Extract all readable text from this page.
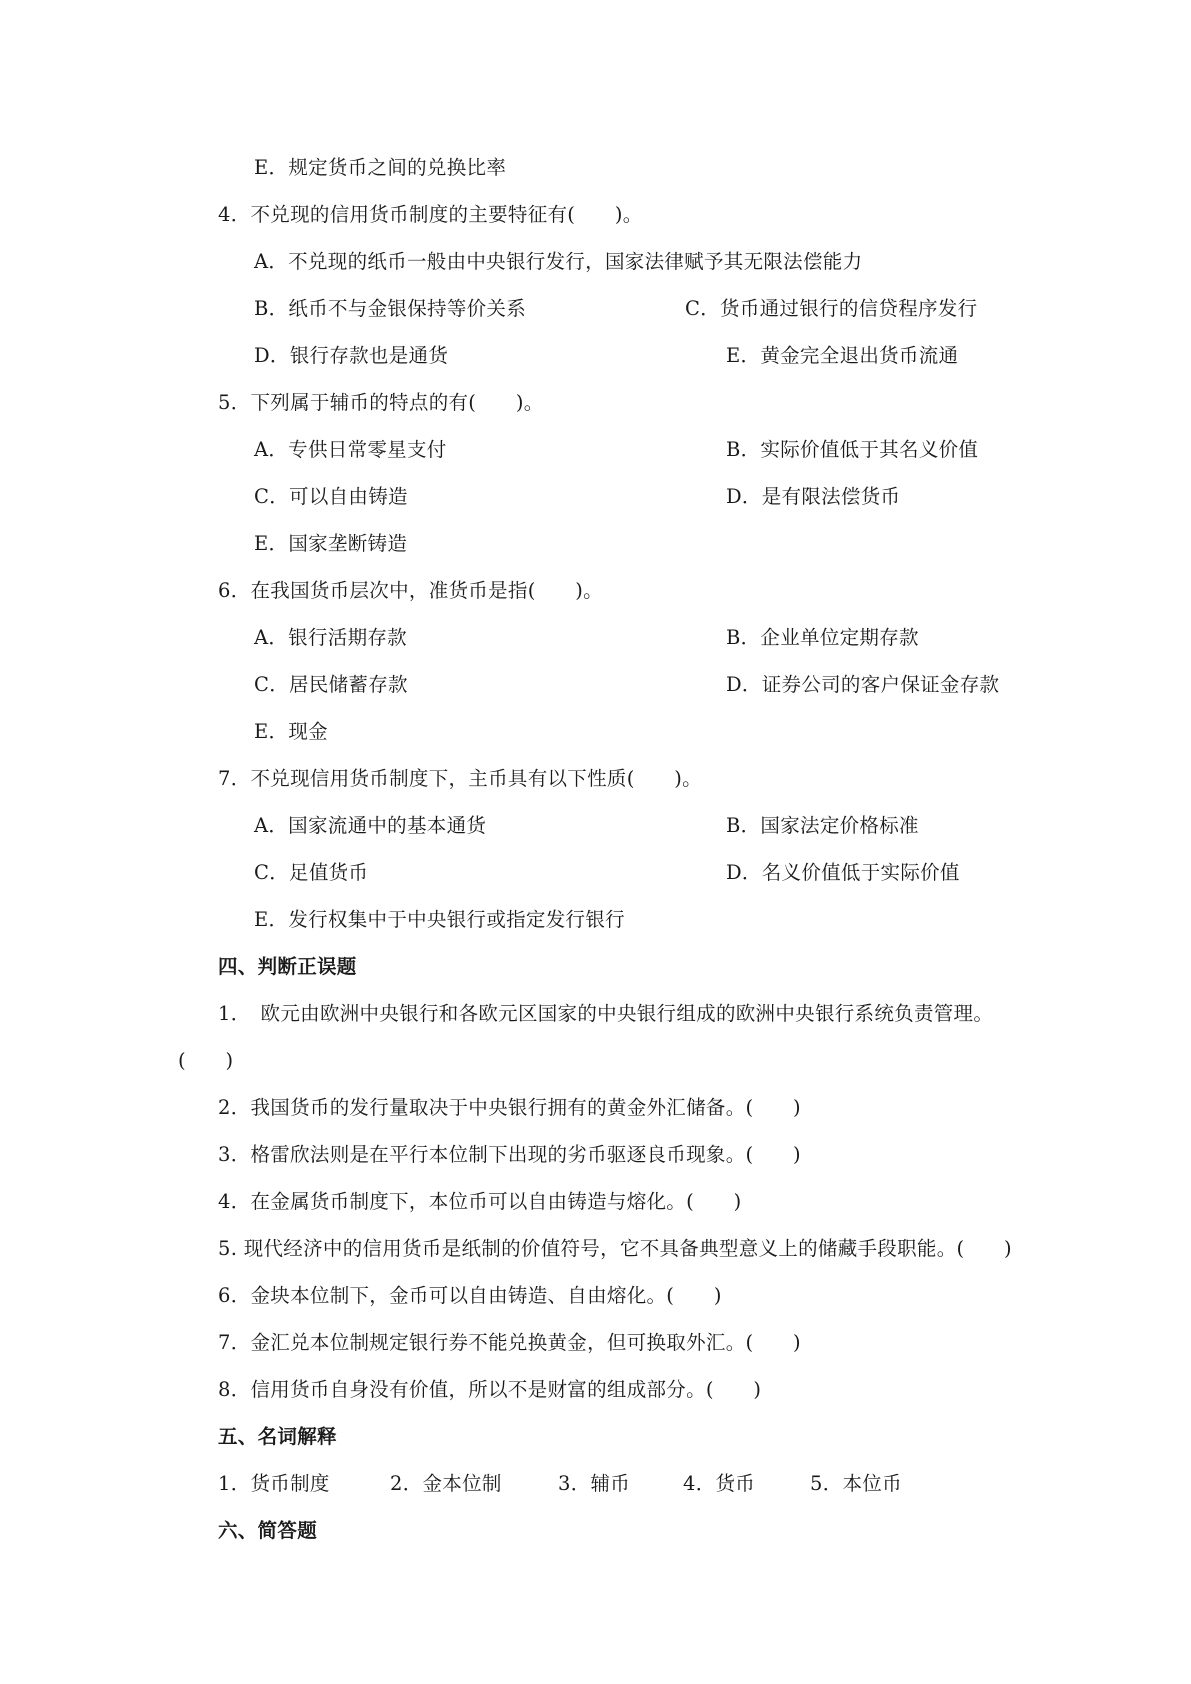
E．规定货币之间的兑换比率
4．不兑现的信用货币制度的主要特征有(　　)。
A．不兑现的纸币一般由中央银行发行，国家法律赋予其无限法偿能力
B．纸币不与金银保持等价关系	C．货币通过银行的信贷程序发行
D．银行存款也是通货	E．黄金完全退出货币流通
5．下列属于辅币的特点的有(　　)。
A．专供日常零星支付	B．实际价值低于其名义价值
C．可以自由铸造	D．是有限法偿货币
E．国家垄断铸造
6．在我国货币层次中，准货币是指(　　)。
A．银行活期存款	B．企业单位定期存款
C．居民储蓄存款	D．证券公司的客户保证金存款
E．现金
7．不兑现信用货币制度下，主币具有以下性质(　　)。
A．国家流通中的基本通货	B．国家法定价格标准
C．足值货币	D．名义价值低于实际价值
E．发行权集中于中央银行或指定发行银行
四、判断正误题
1．　欧元由欧洲中央银行和各欧元区国家的中央银行组成的欧洲中央银行系统负责管理。
(　　)
2．我国货币的发行量取决于中央银行拥有的黄金外汇储备。(　　)
3．格雷欣法则是在平行本位制下出现的劣币驱逐良币现象。(　　)
4．在金属货币制度下，本位币可以自由铸造与熔化。(　　)
5. 现代经济中的信用货币是纸制的价值符号，它不具备典型意义上的储藏手段职能。(　　)
6．金块本位制下，金币可以自由铸造、自由熔化。(　　)
7．金汇兑本位制规定银行券不能兑换黄金，但可换取外汇。(　　)
8．信用货币自身没有价值，所以不是财富的组成部分。(　　)
五、名词解释
1．货币制度	2．金本位制	3．辅币	4．货币	5．本位币
六、简答题
